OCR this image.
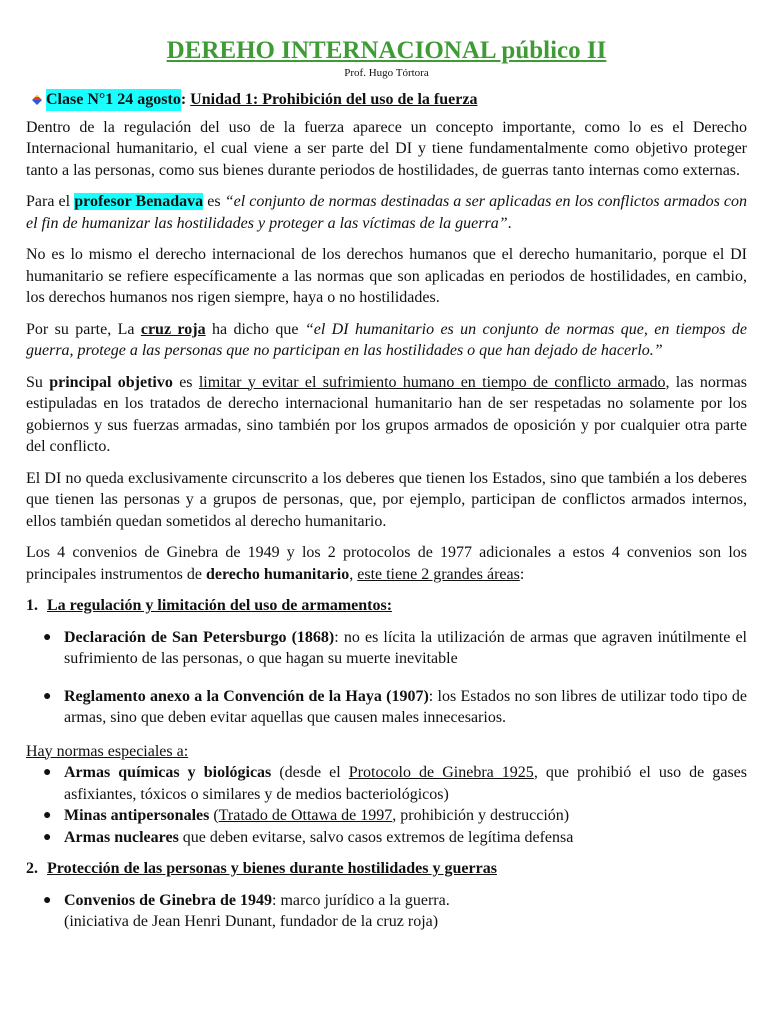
DEREHO INTERNACIONAL público II
Prof. Hugo Tórtora
Clase N°1 24 agosto : Unidad 1: Prohibición del uso de la fuerza

Dentro de la regulación del uso de la fuerza aparece un concepto importante, como lo es el Derecho Internacional humanitario, el cual viene a ser parte del DI y tiene fundamentalmente como objetivo proteger tanto a las personas, como sus bienes durante periodos de hostilidades, de guerras tanto internas como externas.

Para el profesor Benadava es “el conjunto de normas destinadas a ser aplicadas en los conflictos armados con el fin de humanizar las hostilidades y proteger a las víctimas de la guerra”.

No es lo mismo el derecho internacional de los derechos humanos que el derecho humanitario, porque el DI humanitario se refiere específicamente a las normas que son aplicadas en periodos de hostilidades, en cambio, los derechos humanos nos rigen siempre, haya o no hostilidades.

Por su parte, La cruz roja ha dicho que “el DI humanitario es un conjunto de normas que, en tiempos de guerra, protege a las personas que no participan en las hostilidades o que han dejado de hacerlo.”

Su principal objetivo es limitar y evitar el sufrimiento humano en tiempo de conflicto armado, las normas estipuladas en los tratados de derecho internacional humanitario han de ser respetadas no solamente por los gobiernos y sus fuerzas armadas, sino también por los grupos armados de oposición y por cualquier otra parte del conflicto.

El DI no queda exclusivamente circunscrito a los deberes que tienen los Estados, sino que también a los deberes que tienen las personas y a grupos de personas, que, por ejemplo, participan de conflictos armados internos, ellos también quedan sometidos al derecho humanitario.

Los 4 convenios de Ginebra de 1949 y los 2 protocolos de 1977 adicionales a estos 4 convenios son los principales instrumentos de derecho humanitario, este tiene 2 grandes áreas:

1. La regulación y limitación del uso de armamentos:
● Declaración de San Petersburgo (1868): no es lícita la utilización de armas que agraven inútilmente el sufrimiento de las personas, o que hagan su muerte inevitable
● Reglamento anexo a la Convención de la Haya (1907): los Estados no son libres de utilizar todo tipo de armas, sino que deben evitar aquellas que causen males innecesarios.
Hay normas especiales a:
● Armas químicas y biológicas (desde el Protocolo de Ginebra 1925, que prohibió el uso de gases asfixiantes, tóxicos o similares y de medios bacteriológicos)
● Minas antipersonales (Tratado de Ottawa de 1997, prohibición y destrucción)
● Armas nucleares que deben evitarse, salvo casos extremos de legítima defensa
2. Protección de las personas y bienes durante hostilidades y guerras
● Convenios de Ginebra de 1949: marco jurídico a la guerra.
(iniciativa de Jean Henri Dunant, fundador de la cruz roja)
